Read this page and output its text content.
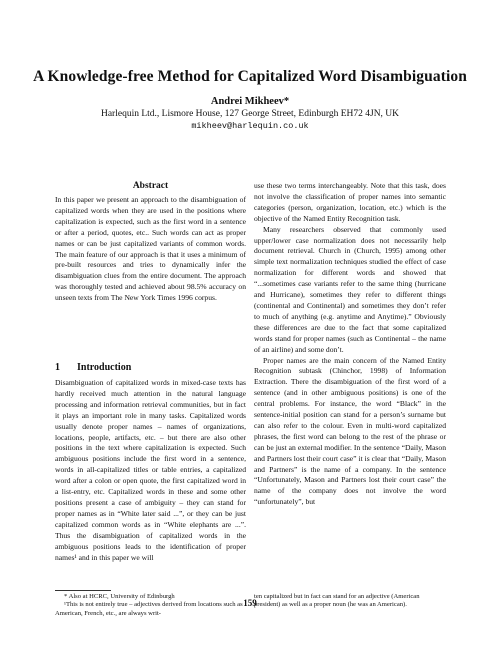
A Knowledge-free Method for Capitalized Word Disambiguation
Andrei Mikheev*
Harlequin Ltd., Lismore House, 127 George Street, Edinburgh EH72 4JN, UK
mikheev@harlequin.co.uk
Abstract

In this paper we present an approach to the disambiguation of capitalized words when they are used in the positions where capitalization is expected, such as the first word in a sentence or after a period, quotes, etc.. Such words can act as proper names or can be just capitalized variants of common words. The main feature of our approach is that it uses a minimum of pre-built resources and tries to dynamically infer the disambiguation clues from the entire document. The approach was thoroughly tested and achieved about 98.5% accuracy on unseen texts from The New York Times 1996 corpus.

1 Introduction

Disambiguation of capitalized words in mixed-case texts has hardly received much attention in the natural language processing and information retrieval communities, but in fact it plays an important role in many tasks. Capitalized words usually denote proper names – names of organizations, locations, people, artifacts, etc. – but there are also other positions in the text where capitalization is expected. Such ambiguous positions include the first word in a sentence, words in all-capitalized titles or table entries, a capitalized word after a colon or open quote, the first capitalized word in a list-entry, etc. Capitalized words in these and some other positions present a case of ambiguity – they can stand for proper names as in “White later said ...”, or they can be just capitalized common words as in “White elephants are ...”. Thus the disambiguation of capitalized words in the ambiguous positions leads to the identification of proper names¹ and in this paper we will

use these two terms interchangeably. Note that this task, does not involve the classification of proper names into semantic categories (person, organization, location, etc.) which is the objective of the Named Entity Recognition task.

Many researchers observed that commonly used upper/lower case normalization does not necessarily help document retrieval. Church in (Church, 1995) among other simple text normalization techniques studied the effect of case normalization for different words and showed that “...sometimes case variants refer to the same thing (hurricane and Hurricane), sometimes they refer to different things (continental and Continental) and sometimes they don’t refer to much of anything (e.g. anytime and Anytime).” Obviously these differences are due to the fact that some capitalized words stand for proper names (such as Continental – the name of an airline) and some don’t.

Proper names are the main concern of the Named Entity Recognition subtask (Chinchor, 1998) of Information Extraction. There the disambiguation of the first word of a sentence (and in other ambiguous positions) is one of the central problems. For instance, the word “Black” in the sentence-initial position can stand for a person’s surname but can also refer to the colour. Even in multi-word capitalized phrases, the first word can belong to the rest of the phrase or can be just an external modifier. In the sentence “Daily, Mason and Partners lost their court case” it is clear that “Daily, Mason and Partners” is the name of a company. In the sentence “Unfortunately, Mason and Partners lost their court case” the name of the company does not involve the word “unfortunately”, but

* Also at HCRC, University of Edinburgh
¹This is not entirely true – adjectives derived from locations such as American, French, etc., are always writ-
ten capitalized but in fact can stand for an adjective (American president) as well as a proper noun (he was an American).
159
